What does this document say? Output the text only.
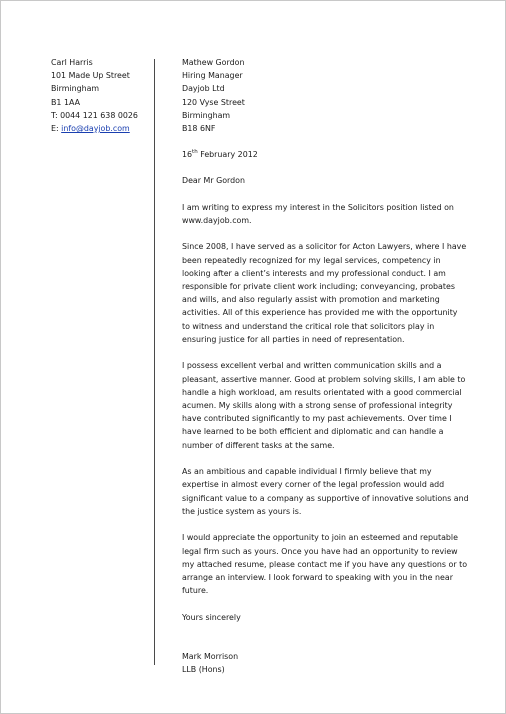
Carl Harris
101 Made Up Street
Birmingham
B1 1AA
T: 0044 121 638 0026
E: info@dayjob.com
Mathew Gordon
Hiring Manager
Dayjob Ltd
120 Vyse Street
Birmingham
B18 6NF
16th February 2012
Dear Mr Gordon
I am writing to express my interest in the Solicitors position listed on
www.dayjob.com.
Since 2008, I have served as a solicitor for Acton Lawyers, where I have
been repeatedly recognized for my legal services, competency in
looking after a client’s interests and my professional conduct. I am
responsible for private client work including; conveyancing, probates
and wills, and also regularly assist with promotion and marketing
activities. All of this experience has provided me with the opportunity
to witness and understand the critical role that solicitors play in
ensuring justice for all parties in need of representation.
I possess excellent verbal and written communication skills and a
pleasant, assertive manner. Good at problem solving skills, I am able to
handle a high workload, am results orientated with a good commercial
acumen. My skills along with a strong sense of professional integrity
have contributed significantly to my past achievements. Over time I
have learned to be both efficient and diplomatic and can handle a
number of different tasks at the same.
As an ambitious and capable individual I firmly believe that my
expertise in almost every corner of the legal profession would add
significant value to a company as supportive of innovative solutions and
the justice system as yours is.
I would appreciate the opportunity to join an esteemed and reputable
legal firm such as yours. Once you have had an opportunity to review
my attached resume, please contact me if you have any questions or to
arrange an interview. I look forward to speaking with you in the near
future.
Yours sincerely
Mark Morrison
LLB (Hons)
